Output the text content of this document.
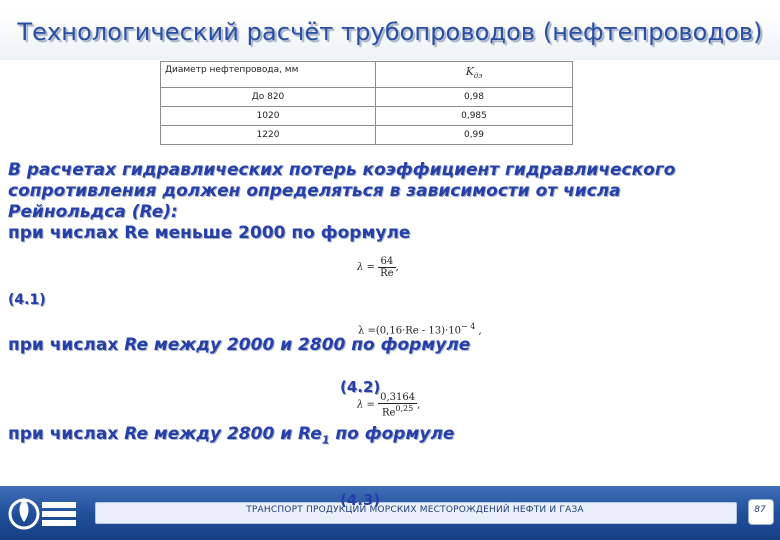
Технологический расчёт трубопроводов (нефтепроводов)
Диаметр нефтепровода, мм	$K_{дэ}$
До 820	0,98
1020	0,985
1220	0,99
В расчетах гидравлических потерь коэффициент гидравлического
сопротивления должен определяться в зависимости от числа
Рейнольдса (Re):
при числах Re меньше 2000 по формуле
$\lambda = \frac{64}{Re}$ ,
(4.1)
$\lambda =(0,16\cdot Re - 13)\cdot 10^{- 4}$ ,
при числах Re между 2000 и 2800 по формуле
(4.2)
$\lambda = \frac{0,3164}{Re^{0,25}}$ ,
при числах Re между 2800 и $Re_1$ по формуле
ТРАНСПОРТ ПРОДУКЦИИ МОРСКИХ МЕСТОРОЖДЕНИЙ НЕФТИ И ГАЗА
(4.3)
87
